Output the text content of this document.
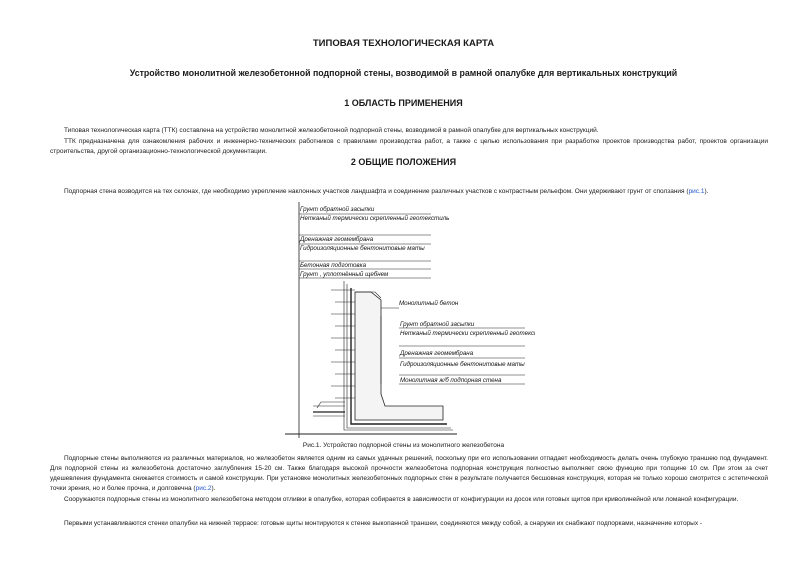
ТИПОВАЯ ТЕХНОЛОГИЧЕСКАЯ КАРТА
Устройство монолитной железобетонной подпорной стены, возводимой в рамной опалубке для вертикальных конструкций
1 ОБЛАСТЬ ПРИМЕНЕНИЯ
Типовая технологическая карта (ТТК) составлена на устройство монолитной железобетонной подпорной стены, возводимой в рамной опалубке для вертикальных конструкций.
ТТК предназначена для ознакомления рабочих и инженерно-технических работников с правилами производства работ, а также с целью использования при разработке проектов производства работ, проектов организации строительства, другой организационно-технологической документации.
2 ОБЩИЕ ПОЛОЖЕНИЯ
Подпорная стена возводится на тех склонах, где необходимо укрепление наклонных участков ландшафта и соединение различных участков с контрастным рельефом. Они удерживают грунт от сползания (рис.1).
Грунт обратной засыпки
Нетканый термически скрепленный геотекстиль
Дренажная геомембрана
Гидроизоляционные бентонитовые маты
Бетонная подготовка
Грунт , уплотнённый щебнем
Монолитный бетон
Грунт обратной засыпки
Нетканый термически скрепленный геотекстиль
Дренажная геомембрана
Гидроизоляционные бентонитовые маты
Монолитная ж/б подпорная стена
Рис.1. Устройство подпорной стены из монолитного железобетона
Подпорные стены выполняются из различных материалов, но железобетон является одним из самых удачных решений, поскольку при его использовании отпадает необходимость делать очень глубокую траншею под фундамент. Для подпорной стены из железобетона достаточно заглубления 15-20 см. Также благодаря высокой прочности железобетона подпорная конструкция полностью выполняет свою функцию при толщине 10 см. При этом за счет удешевления фундамента снижается стоимость и самой конструкции. При установке монолитных железобетонных подпорных стен в результате получается бесшовная конструкция, которая не только хорошо смотрится с эстетической точки зрения, но и более прочна, и долговечна (рис.2).
Сооружаются подпорные стены из монолитного железобетона методом отливки в опалубке, которая собирается в зависимости от конфигурации из досок или готовых щитов при криволинейной или ломаной конфигурации.
Первыми устанавливаются стенки опалубки на нижней террасе: готовые щиты монтируются к стенке выкопанной траншеи, соединяются между собой, а снаружи их снабжают подпорками, назначение которых -
